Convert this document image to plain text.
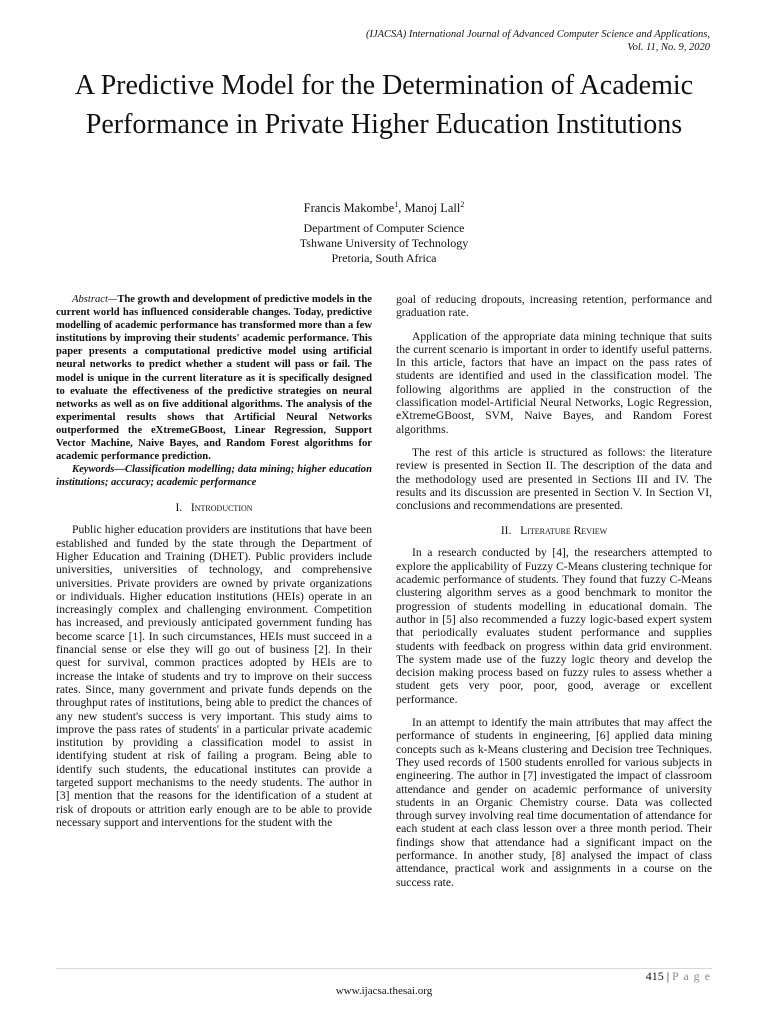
(IJACSA) International Journal of Advanced Computer Science and Applications,
Vol. 11, No. 9, 2020
A Predictive Model for the Determination of Academic Performance in Private Higher Education Institutions
Francis Makombe$^1$, Manoj Lall$^2$
Department of Computer Science
Tshwane University of Technology
Pretoria, South Africa

Abstract—The growth and development of predictive models in the current world has influenced considerable changes. Today, predictive modelling of academic performance has transformed more than a few institutions by improving their students' academic performance. This paper presents a computational predictive model using artificial neural networks to predict whether a student will pass or fail. The model is unique in the current literature as it is specifically designed to evaluate the effectiveness of the predictive strategies on neural networks as well as on five additional algorithms. The analysis of the experimental results shows that Artificial Neural Networks outperformed the eXtremeGBoost, Linear Regression, Support Vector Machine, Naive Bayes, and Random Forest algorithms for academic performance prediction.

Keywords—Classification modelling; data mining; higher education institutions; accuracy; academic performance

I. Introduction

Public higher education providers are institutions that have been established and funded by the state through the Department of Higher Education and Training (DHET). Public providers include universities, universities of technology, and comprehensive universities. Private providers are owned by private organizations or individuals. Higher education institutions (HEIs) operate in an increasingly complex and challenging environment. Competition has increased, and previously anticipated government funding has become scarce [1]. In such circumstances, HEIs must succeed in a financial sense or else they will go out of business [2]. In their quest for survival, common practices adopted by HEIs are to increase the intake of students and try to improve on their success rates. Since, many government and private funds depends on the throughput rates of institutions, being able to predict the chances of any new student's success is very important. This study aims to improve the pass rates of students' in a particular private academic institution by providing a classification model to assist in identifying student at risk of failing a program. Being able to identify such students, the educational institutes can provide a targeted support mechanisms to the needy students. The author in [3] mention that the reasons for the identification of a student at risk of dropouts or attrition early enough are to be able to provide necessary support and interventions for the student with the

goal of reducing dropouts, increasing retention, performance and graduation rate.

Application of the appropriate data mining technique that suits the current scenario is important in order to identify useful patterns. In this article, factors that have an impact on the pass rates of students are identified and used in the classification model. The following algorithms are applied in the construction of the classification model-Artificial Neural Networks, Logic Regression, eXtremeGBoost, SVM, Naive Bayes, and Random Forest algorithms.

The rest of this article is structured as follows: the literature review is presented in Section II. The description of the data and the methodology used are presented in Sections III and IV. The results and its discussion are presented in Section V. In Section VI, conclusions and recommendations are presented.

II. Literature Review

In a research conducted by [4], the researchers attempted to explore the applicability of Fuzzy C-Means clustering technique for academic performance of students. They found that fuzzy C-Means clustering algorithm serves as a good benchmark to monitor the progression of students modelling in educational domain. The author in [5] also recommended a fuzzy logic-based expert system that periodically evaluates student performance and supplies students with feedback on progress within data grid environment. The system made use of the fuzzy logic theory and develop the decision making process based on fuzzy rules to assess whether a student gets very poor, poor, good, average or excellent performance.

In an attempt to identify the main attributes that may affect the performance of students in engineering, [6] applied data mining concepts such as k-Means clustering and Decision tree Techniques. They used records of 1500 students enrolled for various subjects in engineering. The author in [7] investigated the impact of classroom attendance and gender on academic performance of university students in an Organic Chemistry course. Data was collected through survey involving real time documentation of attendance for each student at each class lesson over a three month period. Their findings show that attendance had a significant impact on the performance. In another study, [8] analysed the impact of class attendance, practical work and assignments in a course on the success rate.

415 | P a g e
www.ijacsa.thesai.org
